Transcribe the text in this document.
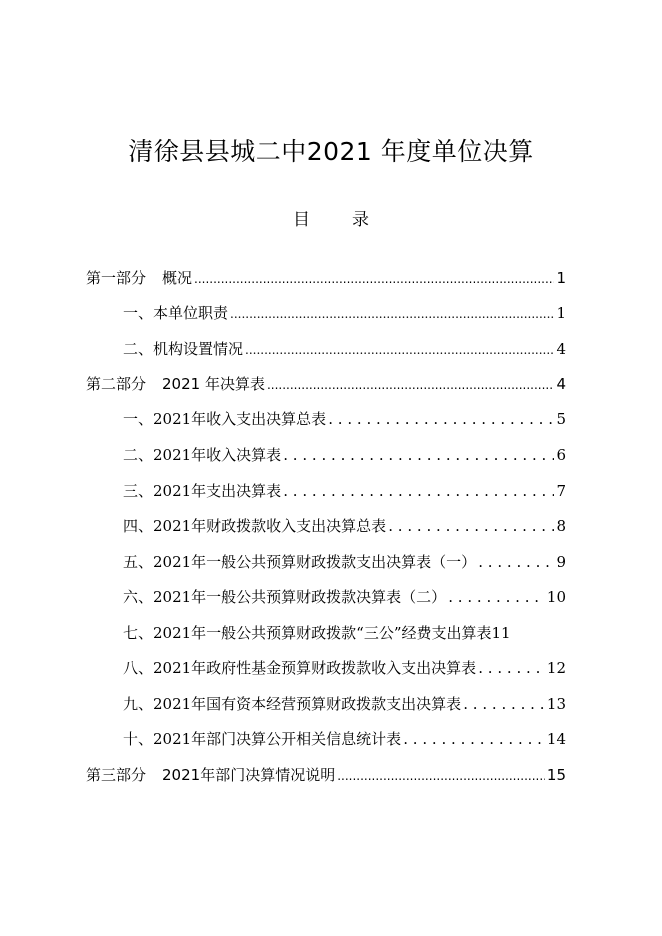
清徐县县城二中2021 年度单位决算
目 录
第一部分 概况 .....	1
一、本单位职责 .....	1
二、机构设置情况 .....	4
第二部分 2021 年决算表 .....	4
一、2021年收入支出决算总表 .....	5
二、2021年收入决算表 .....	6
三、2021年支出决算表 .....	7
四、2021年财政拨款收入支出决算总表 .....	8
五、2021年一般公共预算财政拨款支出决算表（一） .....	9
六、2021年一般公共预算财政拨款决算表（二） .....	10
七、2021年一般公共预算财政拨款“三公”经费支出算表 11
八、2021年政府性基金预算财政拨款收入支出决算表 .....	12
九、2021年国有资本经营预算财政拨款支出决算表 .....	13
十、2021年部门决算公开相关信息统计表 .....	14
第三部分 2021年部门决算情况说明 .....	15
